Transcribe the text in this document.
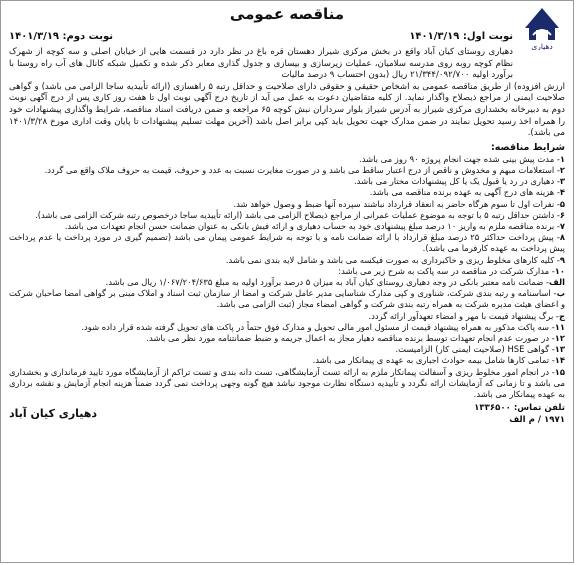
دهیاری
مناقصه عمومی
نوبت اول: ۱۴۰۱/۳/۱۹
نوبت دوم: ۱۴۰۱/۳/۱۹

دهیاری روستای کیان آباد واقع در بخش مرکزی شیراز دهستان قره باغ در نظر دارد در قسمت هایی از خیابان اصلی و سه کوچه از شهرک نظام کوچه روبه روی مدرسه سلامیان، عملیات زیرسازی و بیسازی و جدول گذاری معابر ذکر شده و تکمیل شبکه کانال های آب راه روستا با برآورد اولیه ۲۱/۳۴۴/۰۹۲/۷۰۰ ریال (بدون احتساب ۹ درصد مالیات

ارزش افزوده) از طریق مناقصه عمومی به اشخاص حقیقی و حقوقی دارای صلاحیت و حداقل رتبه ۵ راهسازی (ارائه تأییدیه ساجا الزامی می باشد) و گواهی صلاحیت ایمنی از مراجع ذیصلاح واگذار نماید. از کلیه متقاضیان دعوت به عمل می آید از تاریخ درج آگهی نوبت اول تا هفت روز کاری پس از درج آگهی نوبت دوم به دبیرخانه بخشداری مرکزی شیراز به آدرس شیراز بلوار سرداران نبش کوچه ۶۵ مراجعه و ضمن دریافت اسناد مناقصه، شرایط واگذاری پیشنهادات خود را همراه اخذ رسید تحویل نمایند در ضمن مدارک جهت تحویل باید کپی برابر اصل باشد (آخرین مهلت تسلیم پیشنهادات تا پایان وقت اداری مورخ ۱۴۰۱/۳/۲۸ می باشد).

شرایط مناقصه:
۱- مدت پیش بینی شده جهت انجام پروژه ۹۰ روز می باشد.
۲- استعلامات مبهم و مخدوش و ناقص از درج اعتبار ساقط می باشد و در صورت مغایرت نسبت به عدد و حروف، قیمت به حروف ملاک واقع می گردد.
۳- دهیاری در رد یا قبول یک یا کل پیشنهادات مختار می باشد.
۴- هزینه های درج آگهی به عهده برنده مناقصه می باشد.
۵- نفرات اول تا سوم هرگاه حاضر به انعقاد قرارداد نباشند سپرده آنها ضبط و وصول خواهد شد.
۶- داشتن حداقل رتبه ۵ با توجه به موضوع عملیات عمرانی از مراجع ذیصلاح الزامی می باشد (ارائه تأییدیه ساجا درخصوص رتبه شرکت الزامی می باشد).
۷- برنده مناقصه ملزم به واریز ۱۰ درصد مبلغ پیشنهادی خود به حساب دهیاری و ارائه فیش بانکی به عنوان ضمانت حسن انجام تعهدات می باشد.
۸- پیش پرداخت حداکثر ۲۵ درصد مبلغ قرارداد با ارائه ضمانت نامه و با توجه به شرایط عمومی پیمان می باشد (تصمیم گیری در مورد پرداخت یا عدم پرداخت پیش پرداخت به عهده کارفرما می باشد).
۹- کلیه کارهای مخلوط ریزی و خاکبرداری به صورت فیکسه می باشد و شامل لایه بندی نمی باشد.
۱۰- مدارک شرکت در مناقصه در سه پاکت به شرح زیر می باشد:
الف- ضمانت نامه معتبر بانکی در وجه دهیاری روستای کیان آباد به میزان ۵ درصد برآورد اولیه به مبلغ ۱/۰۶۷/۲۰۴/۶۳۵ ریال می باشد.
ب- اساسنامه و رتبه بندی شرکت، شناوری و کپی مدارک شناسایی مدیر عامل شرکت و امضا از سازمان ثبت اسناد و املاک مبنی بر گواهی امضا صاحبان شرکت و اعضای هیئت مدیره شرکت به همراه رتبه بندی شرکت و گواهی امضاء مجاز (ثبت الزامی می باشد.
ج- برگ پیشنهاد قیمت با مهر و امضاء تعهدآور ارائه گردد.
۱۱- سه پاکت مذکور به همراه پیشنهاد قیمت از مسئول امور مالی تحویل و مدارک فوق حتماً در پاکت های تحویل گرفته شده قرار داده شود.
۱۲- در صورت عدم انجام تعهدات توسط برنده مناقصه دهیار مجاز به اعمال جریمه و ضبط ضمانتنامه مورد نظر می باشد.
۱۳- گواهی HSE (صلاحیت ایمنی کار) الزامیست.
۱۴- تمامی کارها شامل بیمه حوادث اجباری به عهده ی پیمانکار می باشد.
۱۵- در انجام امور مخلوط ریزی و آسفالت پیمانکار ملزم به ارائه تست آزمایشگاهی، تست دانه بندی و تست تراکم از آزمایشگاه مورد تایید فرمانداری و بخشداری می باشد و تا زمانی که آزمایشات ارائه نگردد و تأییدیه دستگاه نظارت موجود نباشد هیچ گونه وجهی پرداخت نمی گردد ضمناً هزینه انجام آزمایش و نقشه برداری به عهده پیمانکار می باشد.
تلفن تماس: ۱۳۳۶۵۰۰
۱۹۷۱ / م الف
دهیاری کیان آباد
